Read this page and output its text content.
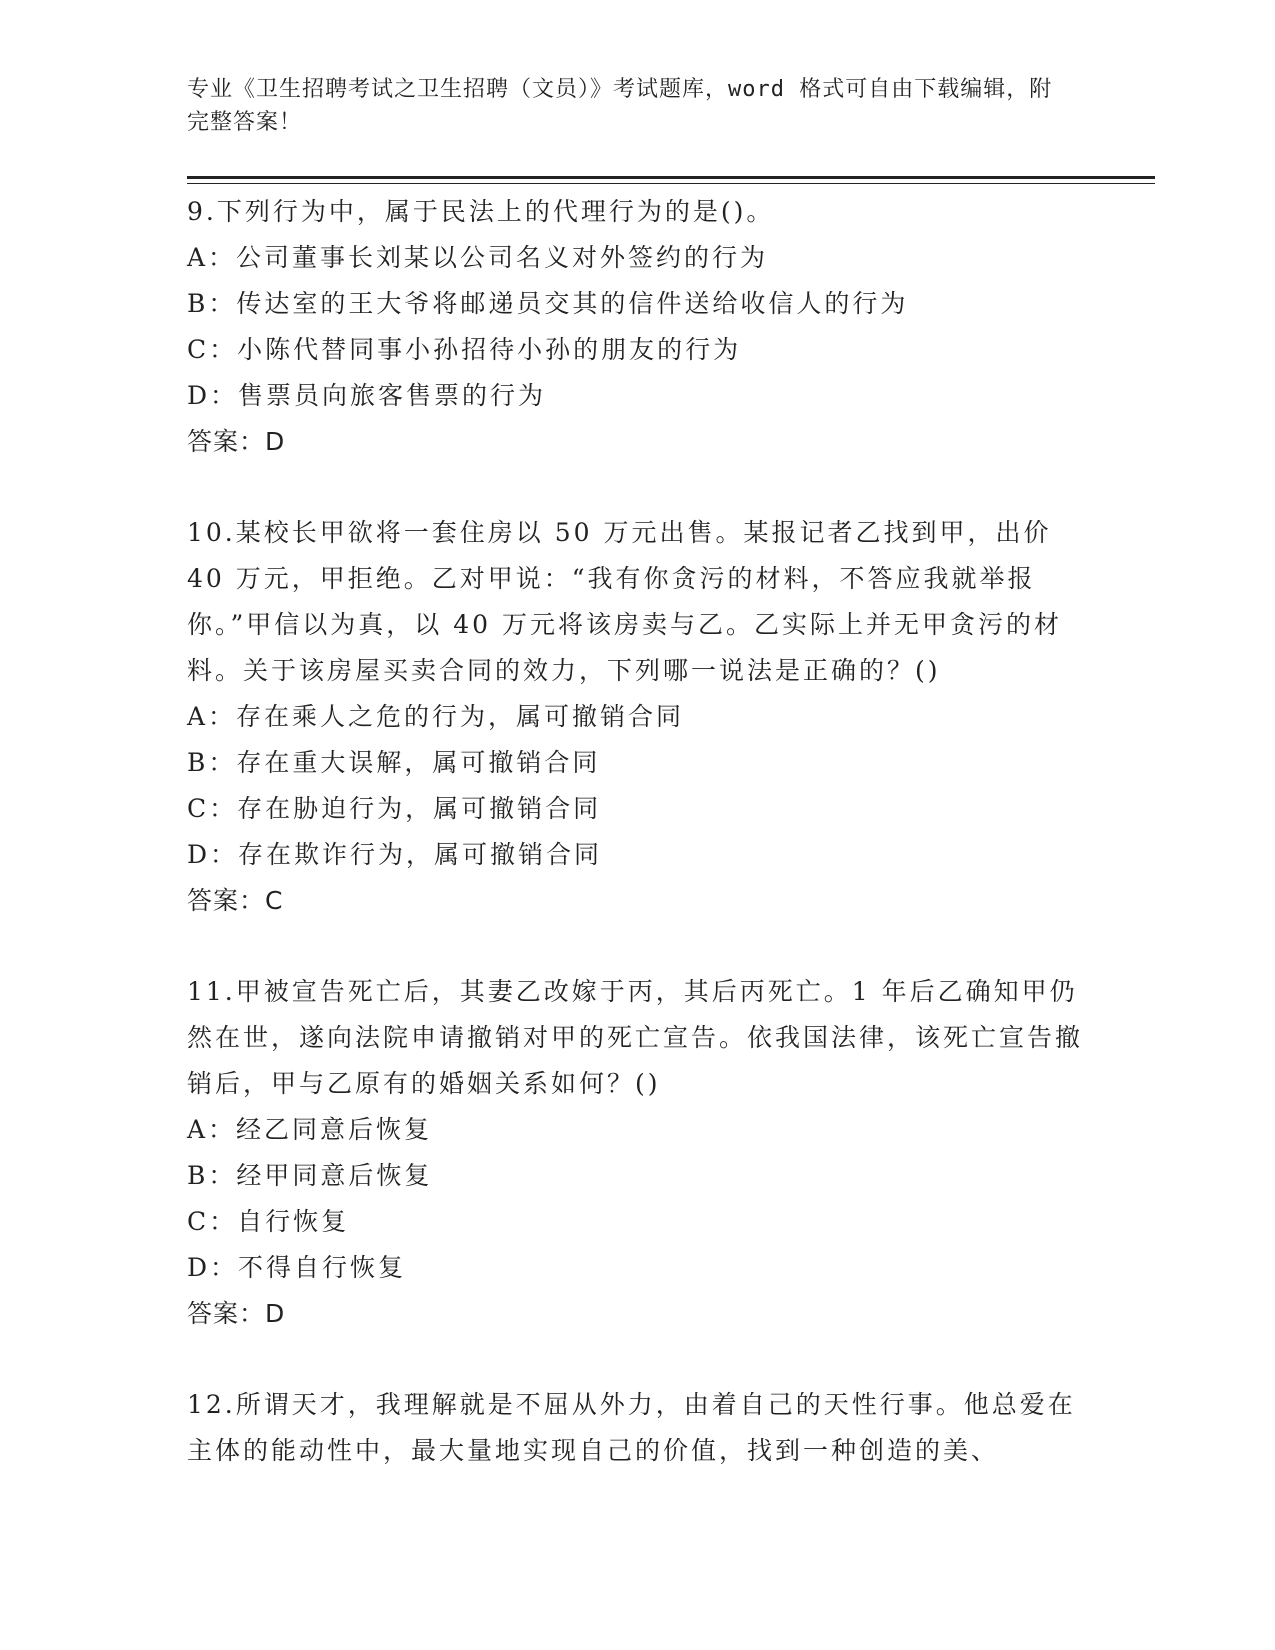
专业《卫生招聘考试之卫生招聘（文员）》考试题库，word 格式可自由下载编辑，附完整答案！

9.下列行为中，属于民法上的代理行为的是()。

A：公司董事长刘某以公司名义对外签约的行为

B：传达室的王大爷将邮递员交其的信件送给收信人的行为

C：小陈代替同事小孙招待小孙的朋友的行为

D：售票员向旅客售票的行为

答案：D

10.某校长甲欲将一套住房以 50 万元出售。某报记者乙找到甲，出价 40 万元，甲拒绝。乙对甲说：“我有你贪污的材料，不答应我就举报你。”甲信以为真，以 40 万元将该房卖与乙。乙实际上并无甲贪污的材料。关于该房屋买卖合同的效力，下列哪一说法是正确的？()

A：存在乘人之危的行为，属可撤销合同

B：存在重大误解，属可撤销合同

C：存在胁迫行为，属可撤销合同

D：存在欺诈行为，属可撤销合同

答案：C

11.甲被宣告死亡后，其妻乙改嫁于丙，其后丙死亡。1 年后乙确知甲仍然在世，遂向法院申请撤销对甲的死亡宣告。依我国法律，该死亡宣告撤销后，甲与乙原有的婚姻关系如何？()

A：经乙同意后恢复

B：经甲同意后恢复

C：自行恢复

D：不得自行恢复

答案：D

12.所谓天才，我理解就是不屈从外力，由着自己的天性行事。他总爱在主体的能动性中，最大量地实现自己的价值，找到一种创造的美、
